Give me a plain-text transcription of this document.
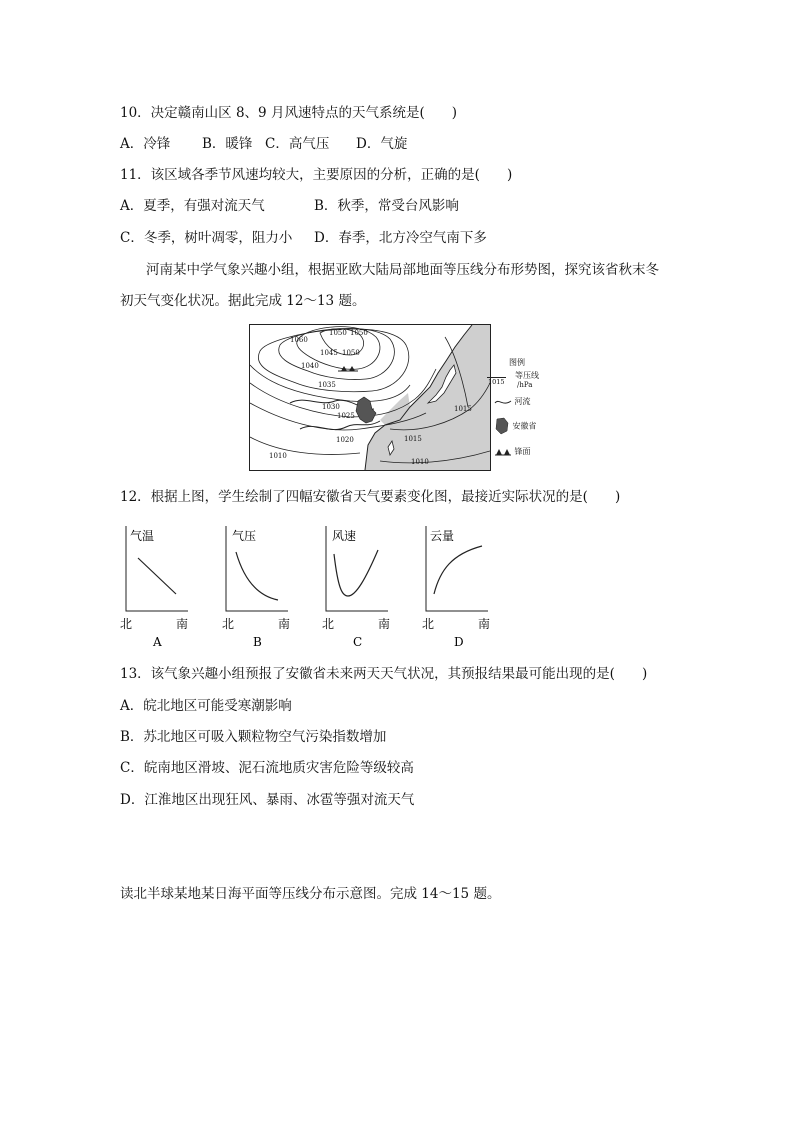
10．决定赣南山区 8、9 月风速特点的天气系统是(　　)
A．冷锋 B．暖锋 C．高气压 D．气旋
11．该区域各季节风速均较大，主要原因的分析，正确的是(　　)
A．夏季，有强对流天气	B．秋季，常受台风影响
C．冬季，树叶凋零，阻力小 D．春季，北方冷空气南下多
河南某中学气象兴趣小组，根据亚欧大陆局部地面等压线分布形势图，探究该省秋末冬
初天气变化状况。据此完成 12～13 题。
1050 1050
1060
1045 1050
1040
1035
1030
1025
1020	1015
1015
1010
1010
图例
1015
等压线
/hPa
河流
安徽省
锋面
12．根据上图，学生绘制了四幅安徽省天气要素变化图，最接近实际状况的是(　　)
气温
北	南
A
气压
北	南
B
风速
北	南
C
云量
北	南
D
13．该气象兴趣小组预报了安徽省未来两天天气状况，其预报结果最可能出现的是(　　)
A．皖北地区可能受寒潮影响
B．苏北地区可吸入颗粒物空气污染指数增加
C．皖南地区滑坡、泥石流地质灾害危险等级较高
D．江淮地区出现狂风、暴雨、冰雹等强对流天气
读北半球某地某日海平面等压线分布示意图。完成 14～15 题。
